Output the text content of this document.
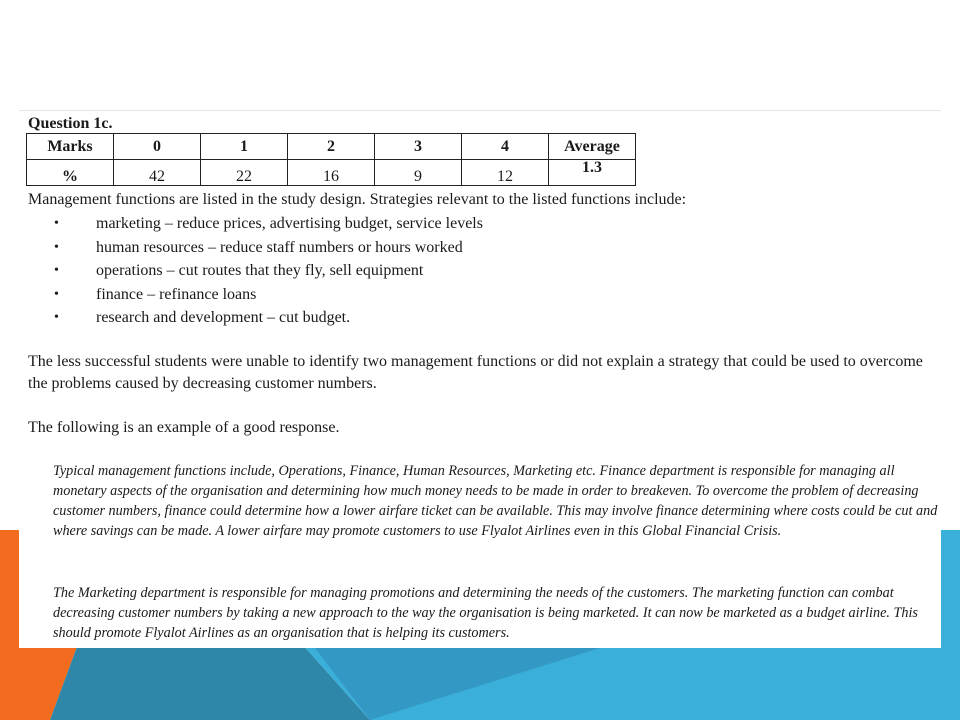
Question 1c.

Marks	0	1	2	3	4	Average
%	42	22	16	9	12	1.3

Management functions are listed in the study design. Strategies relevant to the listed functions include:

• marketing – reduce prices, advertising budget, service levels
• human resources – reduce staff numbers or hours worked
• operations – cut routes that they fly, sell equipment
• finance – refinance loans
• research and development – cut budget.

The less successful students were unable to identify two management functions or did not explain a strategy that could be used to overcome the problems caused by decreasing customer numbers.

The following is an example of a good response.

Typical management functions include, Operations, Finance, Human Resources, Marketing etc. Finance department is responsible for managing all monetary aspects of the organisation and determining how much money needs to be made in order to breakeven. To overcome the problem of decreasing customer numbers, finance could determine how a lower airfare ticket can be available. This may involve finance determining where costs could be cut and where savings can be made. A lower airfare may promote customers to use Flyalot Airlines even in this Global Financial Crisis.

The Marketing department is responsible for managing promotions and determining the needs of the customers. The marketing function can combat decreasing customer numbers by taking a new approach to the way the organisation is being marketed. It can now be marketed as a budget airline. This should promote Flyalot Airlines as an organisation that is helping its customers.
